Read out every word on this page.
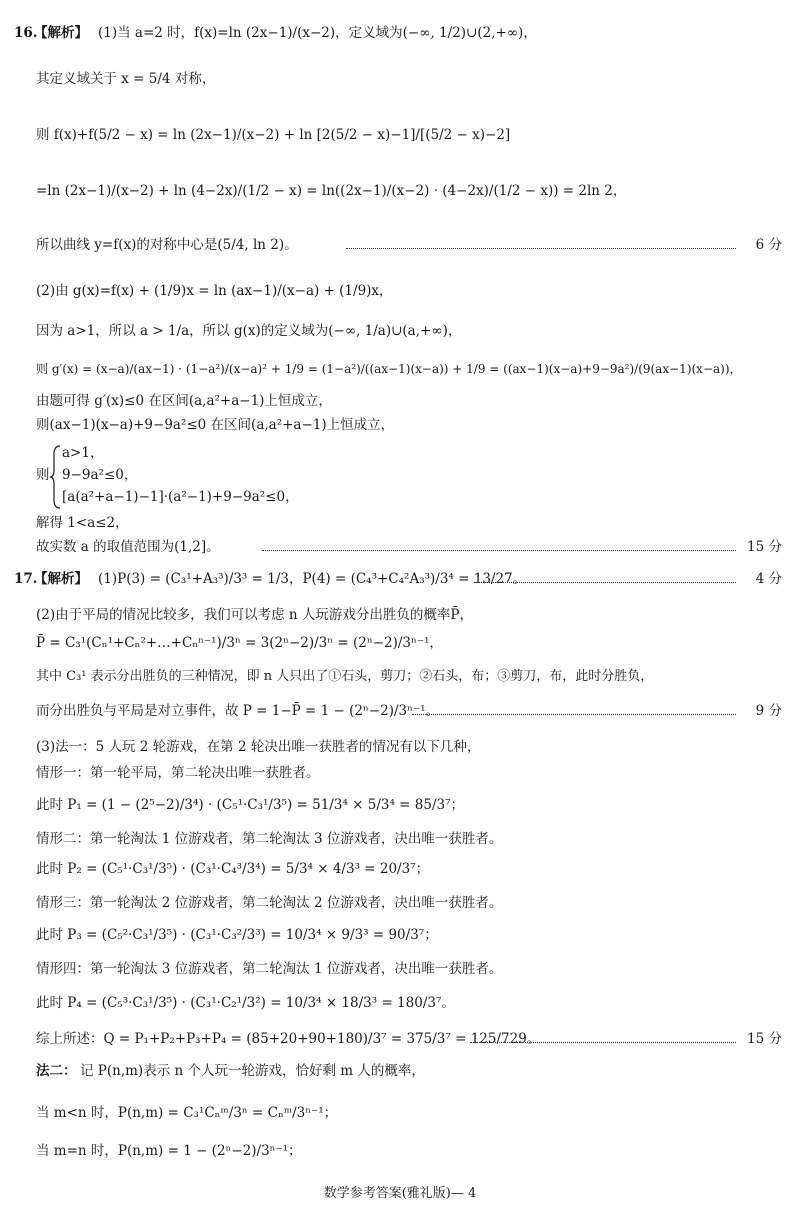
16.
【解析】 (1)当 a=2 时，f(x)=ln (2x−1)/(x−2)，定义域为(−∞, 1/2)∪(2,+∞)，
其定义域关于 x = 5/4 对称，
则 f(x)+f(5/2 − x) = ln (2x−1)/(x−2) + ln [2(5/2 − x)−1]/[(5/2 − x)−2]
=ln (2x−1)/(x−2) + ln (4−2x)/(1/2 − x) = ln((2x−1)/(x−2) · (4−2x)/(1/2 − x)) = 2ln 2，
所以曲线 y=f(x)的对称中心是(5/4, ln 2)。	6 分
(2)由 g(x)=f(x) + (1/9)x = ln (ax−1)/(x−a) + (1/9)x，
因为 a>1，所以 a > 1/a，所以 g(x)的定义域为(−∞, 1/a)∪(a,+∞)，
则 g′(x) = (x−a)/(ax−1) · (1−a²)/(x−a)² + 1/9 = (1−a²)/((ax−1)(x−a)) + 1/9 = ((ax−1)(x−a)+9−9a²)/(9(ax−1)(x−a))，
由题可得 g′(x)≤0 在区间(a,a²+a−1)上恒成立，
则(ax−1)(x−a)+9−9a²≤0 在区间(a,a²+a−1)上恒成立，
a>1，
则 9−9a²≤0，
[a(a²+a−1)−1]·(a²−1)+9−9a²≤0，
解得 1<a≤2，
故实数 a 的取值范围为(1,2]。	15 分
17.
【解析】 (1)P(3) = (C₃¹+A₃³)/3³ = 1/3，P(4) = (C₄³+C₄²A₃³)/3⁴ = 13/27。	4 分
(2)由于平局的情况比较多，我们可以考虑 n 人玩游戏分出胜负的概率P̄，
P̄ = C₃¹(Cₙ¹+Cₙ²+…+Cₙⁿ⁻¹)/3ⁿ = 3(2ⁿ−2)/3ⁿ = (2ⁿ−2)/3ⁿ⁻¹，
其中 C₃¹ 表示分出胜负的三种情况，即 n 人只出了①石头，剪刀；②石头，布；③剪刀，布，此时分胜负，
而分出胜负与平局是对立事件，故 P = 1−P̄ = 1 − (2ⁿ−2)/3ⁿ⁻¹。	9 分
(3)法一：5 人玩 2 轮游戏，在第 2 轮决出唯一获胜者的情况有以下几种，
情形一：第一轮平局，第二轮决出唯一获胜者。
此时 P₁ = (1 − (2⁵−2)/3⁴) · (C₅¹·C₃¹/3⁵) = 51/3⁴ × 5/3⁴ = 85/3⁷；
情形二：第一轮淘汰 1 位游戏者，第二轮淘汰 3 位游戏者，决出唯一获胜者。
此时 P₂ = (C₅¹·C₃¹/3⁵) · (C₃¹·C₄³/3⁴) = 5/3⁴ × 4/3³ = 20/3⁷；
情形三：第一轮淘汰 2 位游戏者，第二轮淘汰 2 位游戏者，决出唯一获胜者。
此时 P₃ = (C₅²·C₃¹/3⁵) · (C₃¹·C₃²/3³) = 10/3⁴ × 9/3³ = 90/3⁷；
情形四：第一轮淘汰 3 位游戏者，第二轮淘汰 1 位游戏者，决出唯一获胜者。
此时 P₄ = (C₅³·C₃¹/3⁵) · (C₃¹·C₂¹/3²) = 10/3⁴ × 18/3³ = 180/3⁷。
综上所述：Q = P₁+P₂+P₃+P₄ = (85+20+90+180)/3⁷ = 375/3⁷ = 125/729。	15 分
法二： 记 P(n,m)表示 n 个人玩一轮游戏，恰好剩 m 人的概率，
当 m<n 时，P(n,m) = C₃¹Cₙᵐ/3ⁿ = Cₙᵐ/3ⁿ⁻¹；
当 m=n 时，P(n,m) = 1 − (2ⁿ−2)/3ⁿ⁻¹；
数学参考答案(雅礼版)— 4
